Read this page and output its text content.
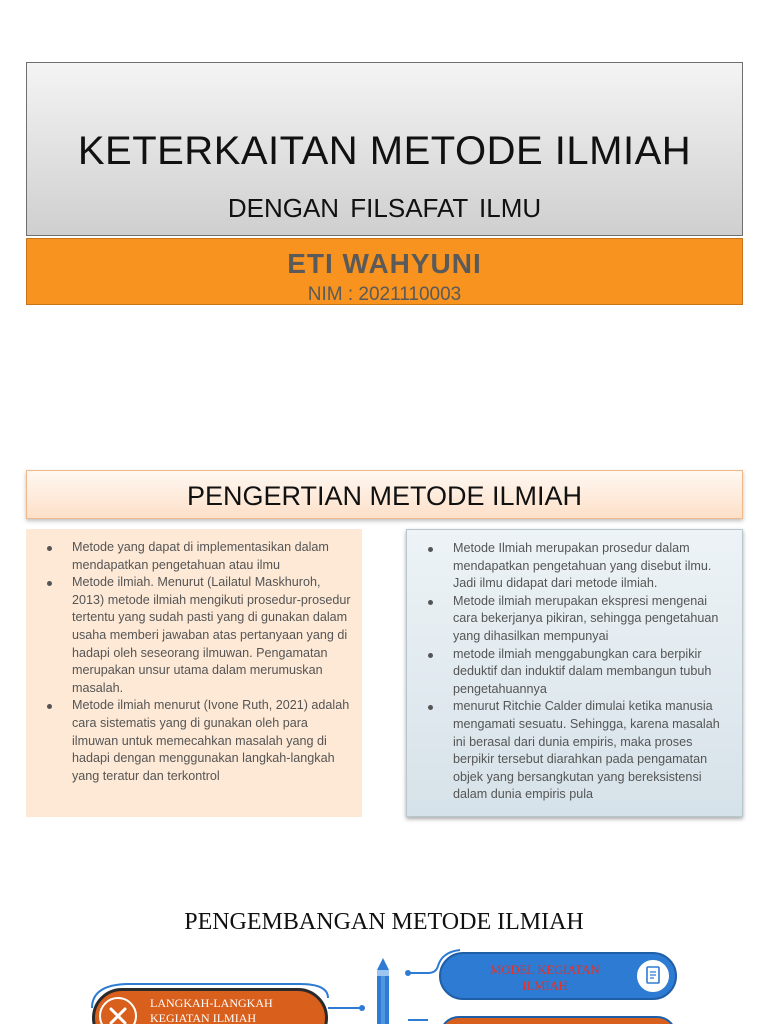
KETERKAITAN METODE ILMIAH
DENGAN FILSAFAT ILMU
ETI WAHYUNI
NIM : 2021110003
PENGERTIAN METODE ILMIAH
Metode yang dapat di implementasikan dalam mendapatkan pengetahuan atau ilmu
Metode ilmiah. Menurut (Lailatul Maskhuroh, 2013) metode ilmiah mengikuti prosedur-prosedur tertentu yang sudah pasti yang di gunakan dalam usaha memberi jawaban atas pertanyaan yang di hadapi oleh seseorang ilmuwan. Pengamatan merupakan unsur utama dalam merumuskan masalah.
Metode ilmiah menurut (Ivone Ruth, 2021) adalah cara sistematis yang di gunakan oleh para ilmuwan untuk memecahkan masalah yang di hadapi dengan menggunakan langkah-langkah yang teratur dan terkontrol
Metode Ilmiah merupakan prosedur dalam mendapatkan pengetahuan yang disebut ilmu. Jadi ilmu didapat dari metode ilmiah.
Metode ilmiah merupakan ekspresi mengenai cara bekerjanya pikiran, sehingga pengetahuan yang dihasilkan mempunyai
metode ilmiah menggabungkan cara berpikir deduktif dan induktif dalam membangun tubuh pengetahuannya
menurut Ritchie Calder dimulai ketika manusia mengamati sesuatu. Sehingga, karena masalah ini berasal dari dunia empiris, maka proses berpikir tersebut diarahkan pada pengamatan objek yang bersangkutan yang bereksistensi dalam dunia empiris pula
PENGEMBANGAN METODE ILMIAH
LANGKAH-LANGKAH
KEGIATAN ILMIAH
MODEL KEGIATAN ILMIAH
